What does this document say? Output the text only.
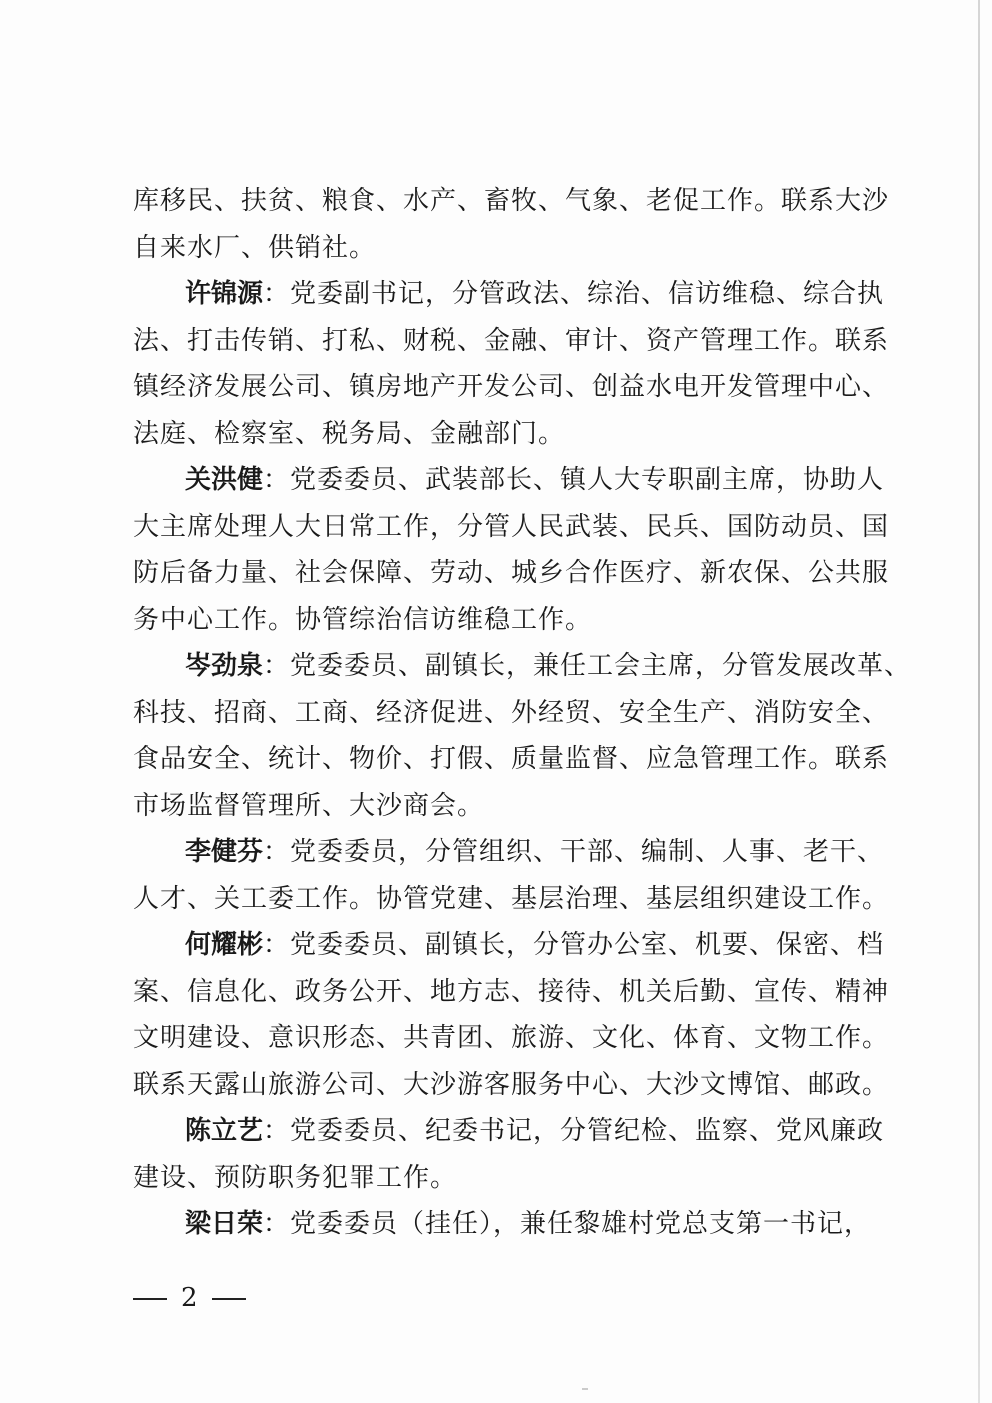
库移民、扶贫、粮食、水产、畜牧、气象、老促工作。联系大沙
自来水厂、供销社。
许锦源：党委副书记，分管政法、综治、信访维稳、综合执
法、打击传销、打私、财税、金融、审计、资产管理工作。联系
镇经济发展公司、镇房地产开发公司、创益水电开发管理中心、
法庭、检察室、税务局、金融部门。
关洪健：党委委员、武装部长、镇人大专职副主席，协助人
大主席处理人大日常工作，分管人民武装、民兵、国防动员、国
防后备力量、社会保障、劳动、城乡合作医疗、新农保、公共服
务中心工作。协管综治信访维稳工作。
岑劲泉：党委委员、副镇长，兼任工会主席，分管发展改革、
科技、招商、工商、经济促进、外经贸、安全生产、消防安全、
食品安全、统计、物价、打假、质量监督、应急管理工作。联系
市场监督管理所、大沙商会。
李健芬：党委委员，分管组织、干部、编制、人事、老干、
人才、关工委工作。协管党建、基层治理、基层组织建设工作。
何耀彬：党委委员、副镇长，分管办公室、机要、保密、档
案、信息化、政务公开、地方志、接待、机关后勤、宣传、精神
文明建设、意识形态、共青团、旅游、文化、体育、文物工作。
联系天露山旅游公司、大沙游客服务中心、大沙文博馆、邮政。
陈立艺：党委委员、纪委书记，分管纪检、监察、党风廉政
建设、预防职务犯罪工作。
梁日荣：党委委员（挂任），兼任黎雄村党总支第一书记，
2
